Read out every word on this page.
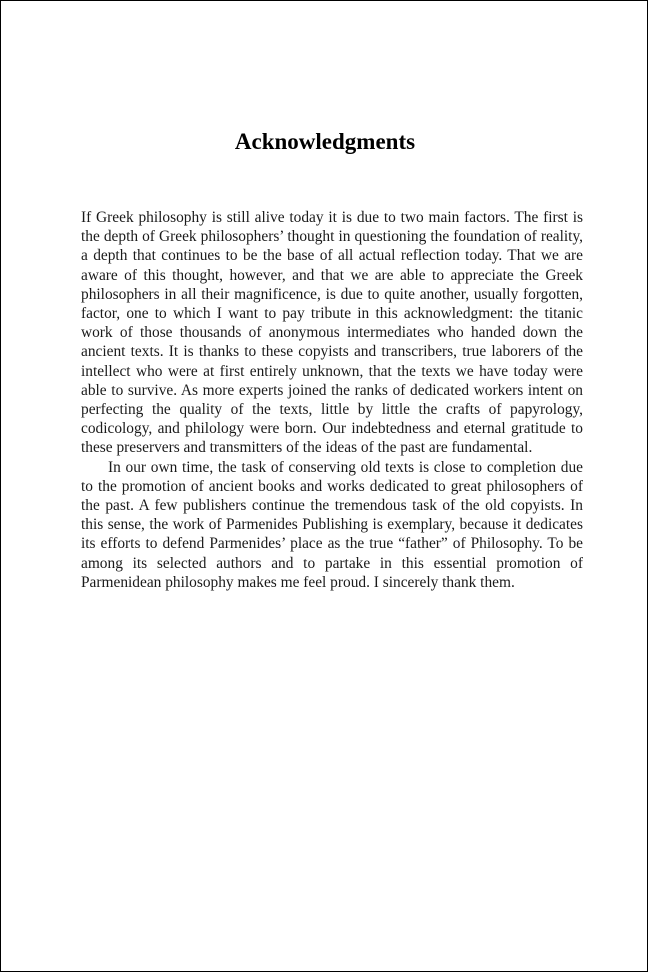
Acknowledgments

If Greek philosophy is still alive today it is due to two main factors. The first is the depth of Greek philosophers’ thought in questioning the foundation of reality, a depth that continues to be the base of all actual reflection today. That we are aware of this thought, however, and that we are able to appreciate the Greek philosophers in all their magnificence, is due to quite another, usually forgotten, factor, one to which I want to pay tribute in this acknowledgment: the titanic work of those thousands of anonymous intermediates who handed down the ancient texts. It is thanks to these copyists and transcribers, true laborers of the intellect who were at first entirely unknown, that the texts we have today were able to survive. As more experts joined the ranks of dedicated workers intent on perfecting the quality of the texts, little by little the crafts of papyrology, codicology, and philology were born. Our indebtedness and eternal gratitude to these preservers and transmitters of the ideas of the past are fundamental.

In our own time, the task of conserving old texts is close to completion due to the promotion of ancient books and works dedicated to great philosophers of the past. A few publishers continue the tremendous task of the old copyists. In this sense, the work of Parmenides Publishing is exemplary, because it dedicates its efforts to defend Parmenides’ place as the true “father” of Philosophy. To be among its selected authors and to partake in this essential promotion of Parmenidean philosophy makes me feel proud. I sincerely thank them.
